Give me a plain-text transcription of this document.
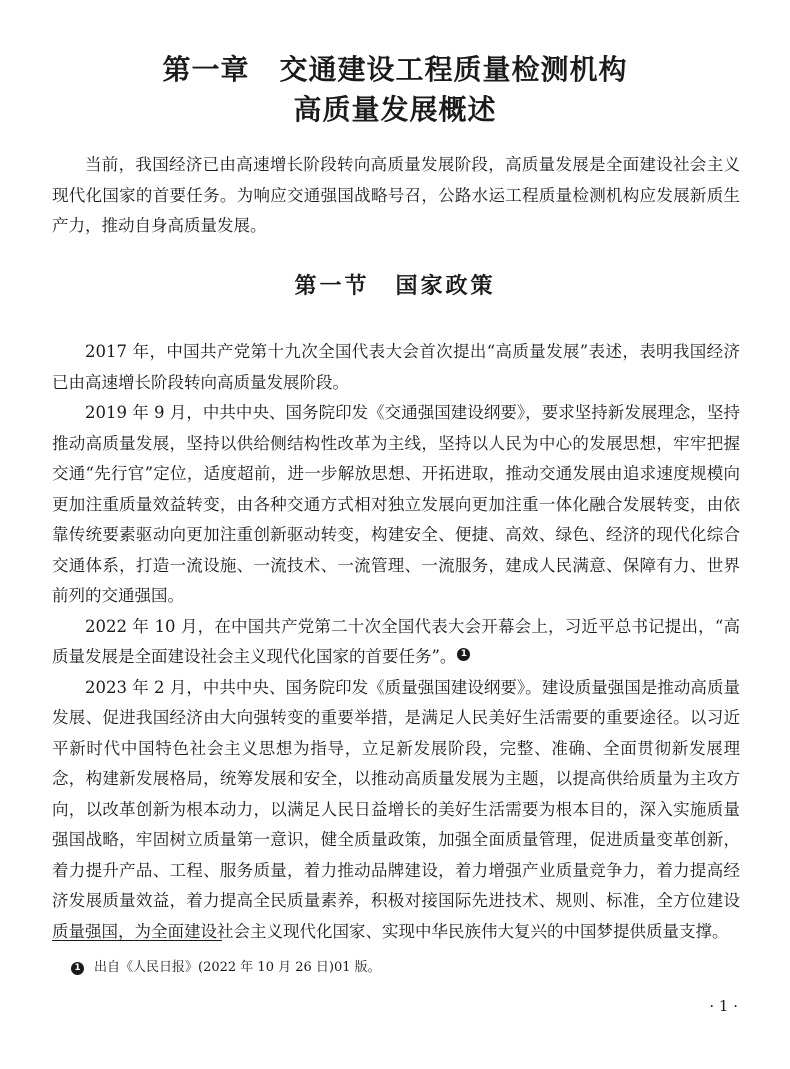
第一章 交通建设工程质量检测机构
高质量发展概述

当前，我国经济已由高速增长阶段转向高质量发展阶段，高质量发展是全面建设社会主义现代化国家的首要任务。为响应交通强国战略号召，公路水运工程质量检测机构应发展新质生产力，推动自身高质量发展。

第一节 国家政策

2017 年，中国共产党第十九次全国代表大会首次提出“高质量发展”表述，表明我国经济已由高速增长阶段转向高质量发展阶段。

2019 年 9 月，中共中央、国务院印发《交通强国建设纲要》，要求坚持新发展理念，坚持推动高质量发展，坚持以供给侧结构性改革为主线，坚持以人民为中心的发展思想，牢牢把握交通“先行官”定位，适度超前，进一步解放思想、开拓进取，推动交通发展由追求速度规模向更加注重质量效益转变，由各种交通方式相对独立发展向更加注重一体化融合发展转变，由依靠传统要素驱动向更加注重创新驱动转变，构建安全、便捷、高效、绿色、经济的现代化综合交通体系，打造一流设施、一流技术、一流管理、一流服务，建成人民满意、保障有力、世界前列的交通强国。

2022 年 10 月，在中国共产党第二十次全国代表大会开幕会上，习近平总书记提出，“高质量发展是全面建设社会主义现代化国家的首要任务”。 1

2023 年 2 月，中共中央、国务院印发《质量强国建设纲要》。建设质量强国是推动高质量发展、促进我国经济由大向强转变的重要举措，是满足人民美好生活需要的重要途径。以习近平新时代中国特色社会主义思想为指导，立足新发展阶段，完整、准确、全面贯彻新发展理念，构建新发展格局，统筹发展和安全，以推动高质量发展为主题，以提高供给质量为主攻方向，以改革创新为根本动力，以满足人民日益增长的美好生活需要为根本目的，深入实施质量强国战略，牢固树立质量第一意识，健全质量政策，加强全面质量管理，促进质量变革创新，着力提升产品、工程、服务质量，着力推动品牌建设，着力增强产业质量竞争力，着力提高经济发展质量效益，着力提高全民质量素养，积极对接国际先进技术、规则、标准，全方位建设质量强国，为全面建设社会主义现代化国家、实现中华民族伟大复兴的中国梦提供质量支撑。

1 出自《人民日报》(2022 年 10 月 26 日)01 版。
· 1 ·
